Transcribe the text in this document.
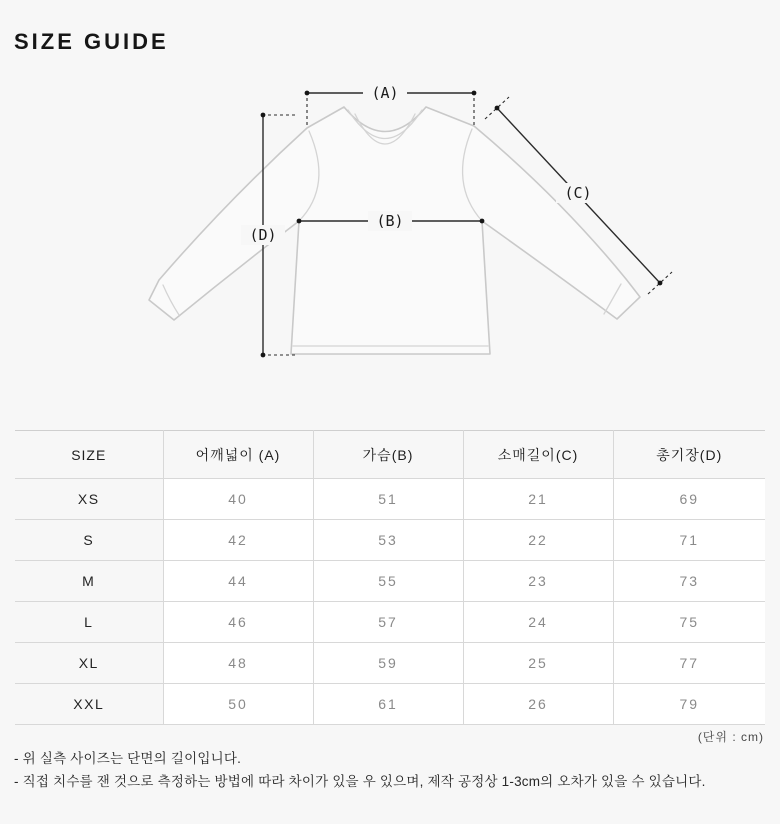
SIZE GUIDE
(A)
(B)
(C)
(D)
SIZE	어깨넓이 (A)	가슴(B)	소매길이(C)	총기장(D)
XS	40	51	21	69
S	42	53	22	71
M	44	55	23	73
L	46	57	24	75
XL	48	59	25	77
XXL	50	61	26	79
(단위 : cm)
- 위 실측 사이즈는 단면의 길이입니다.
- 직접 치수를 잰 것으로 측정하는 방법에 따라 차이가 있을 우 있으며, 제작 공정상 1-3cm의 오차가 있을 수 있습니다.
